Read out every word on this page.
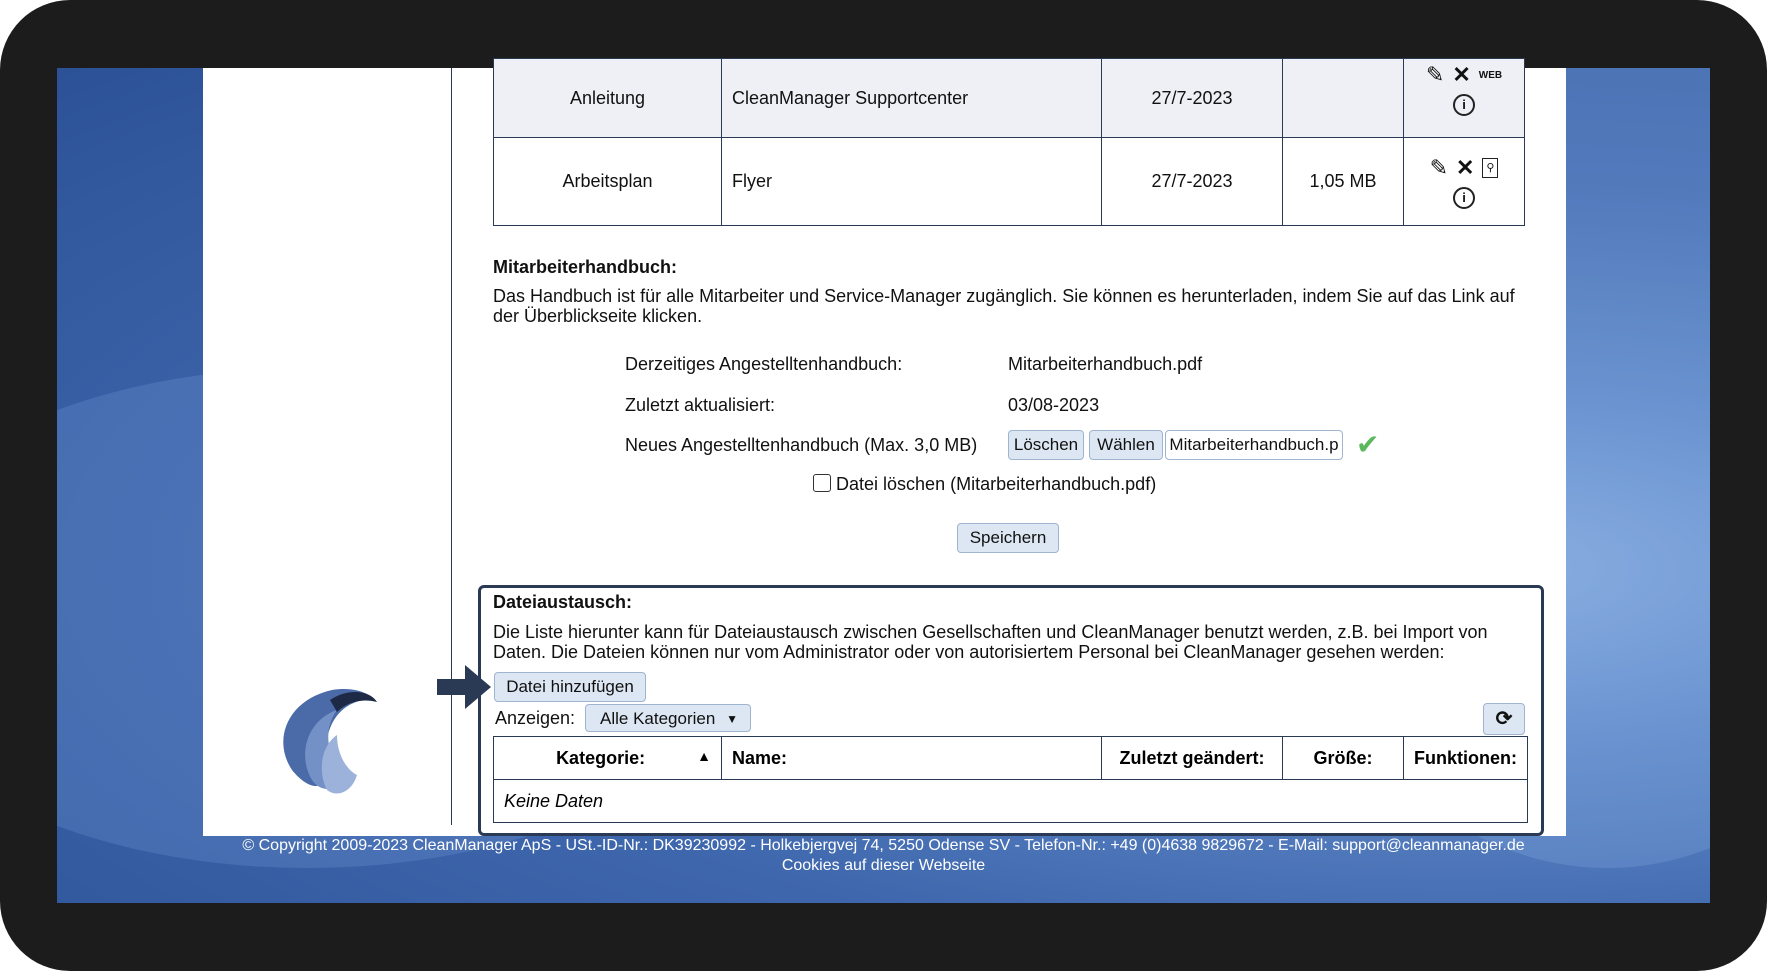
Anleitung	CleanManager Supportcenter	27/7-2023		✎ ✕ WEB
i

Arbeitsplan	Flyer	27/7-2023	1,05 MB	✎ ✕ ⚲
i
Mitarbeiterhandbuch:
Das Handbuch ist für alle Mitarbeiter und Service-Manager zugänglich. Sie können es herunterladen, indem Sie auf das Link auf der Überblickseite klicken.
Derzeitiges Angestelltenhandbuch:	Mitarbeiterhandbuch.pdf
Zuletzt aktualisiert:	03/08-2023
Neues Angestelltenhandbuch (Max. 3,0 MB)	Löschen	Wählen Mitarbeiterhandbuch.p ✔
Datei löschen (Mitarbeiterhandbuch.pdf)
Speichern
Dateiaustausch:
Die Liste hierunter kann für Dateiaustausch zwischen Gesellschaften und CleanManager benutzt werden, z.B. bei Import von Daten. Die Dateien können nur vom Administrator oder von autorisiertem Personal bei CleanManager gesehen werden:
Datei hinzufügen
Anzeigen:	Alle Kategorien ▼	⟳
Kategorie:	▲	Name:	Zuletzt geändert:	Größe:	Funktionen:
Keine Daten
© Copyright 2009-2023 CleanManager ApS - USt.-ID-Nr.: DK39230992 - Holkebjergvej 74, 5250 Odense SV - Telefon-Nr.: +49 (0)4638 9829672 - E-Mail: support@cleanmanager.de
Cookies auf dieser Webseite
